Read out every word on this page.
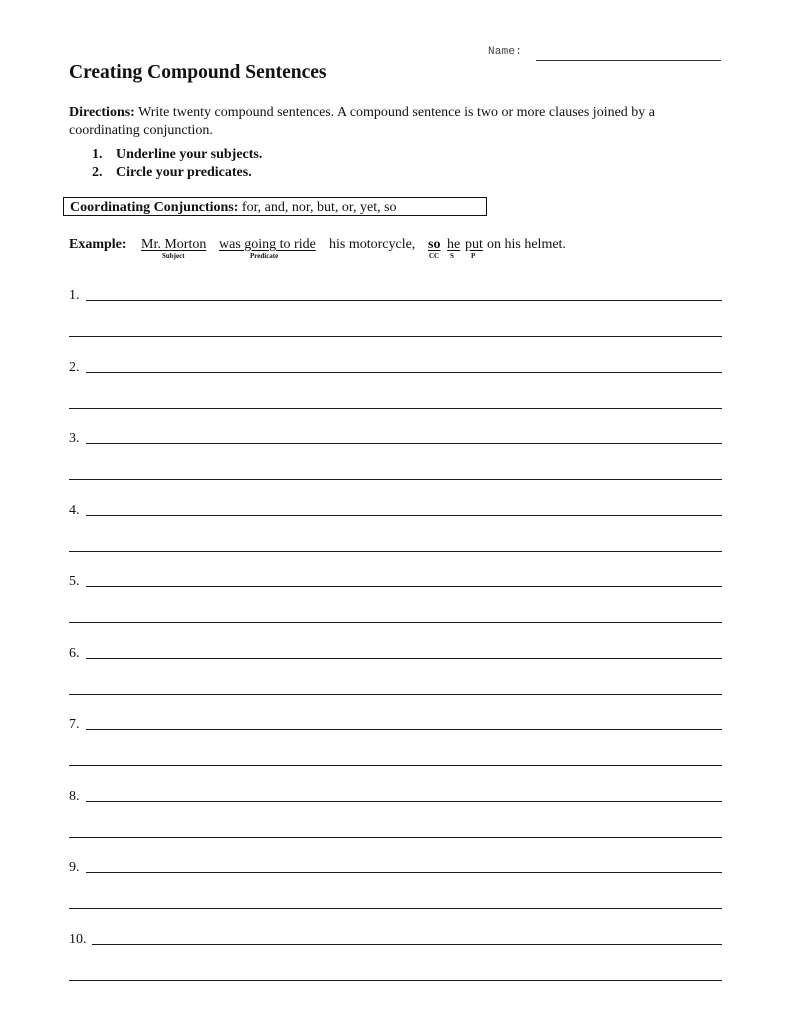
Name:
Creating Compound Sentences
Directions: Write twenty compound sentences. A compound sentence is two or more clauses joined by a coordinating conjunction.
1. Underline your subjects.
2. Circle your predicates.
Coordinating Conjunctions: for, and, nor, but, or, yet, so
Example: Mr. Morton
Subject
was going to ride
Predicate
his motorcycle, so
CC
he
S
put
P
on his helmet.
1.
2.
3.
4.
5.
6.
7.
8.
9.
10.
